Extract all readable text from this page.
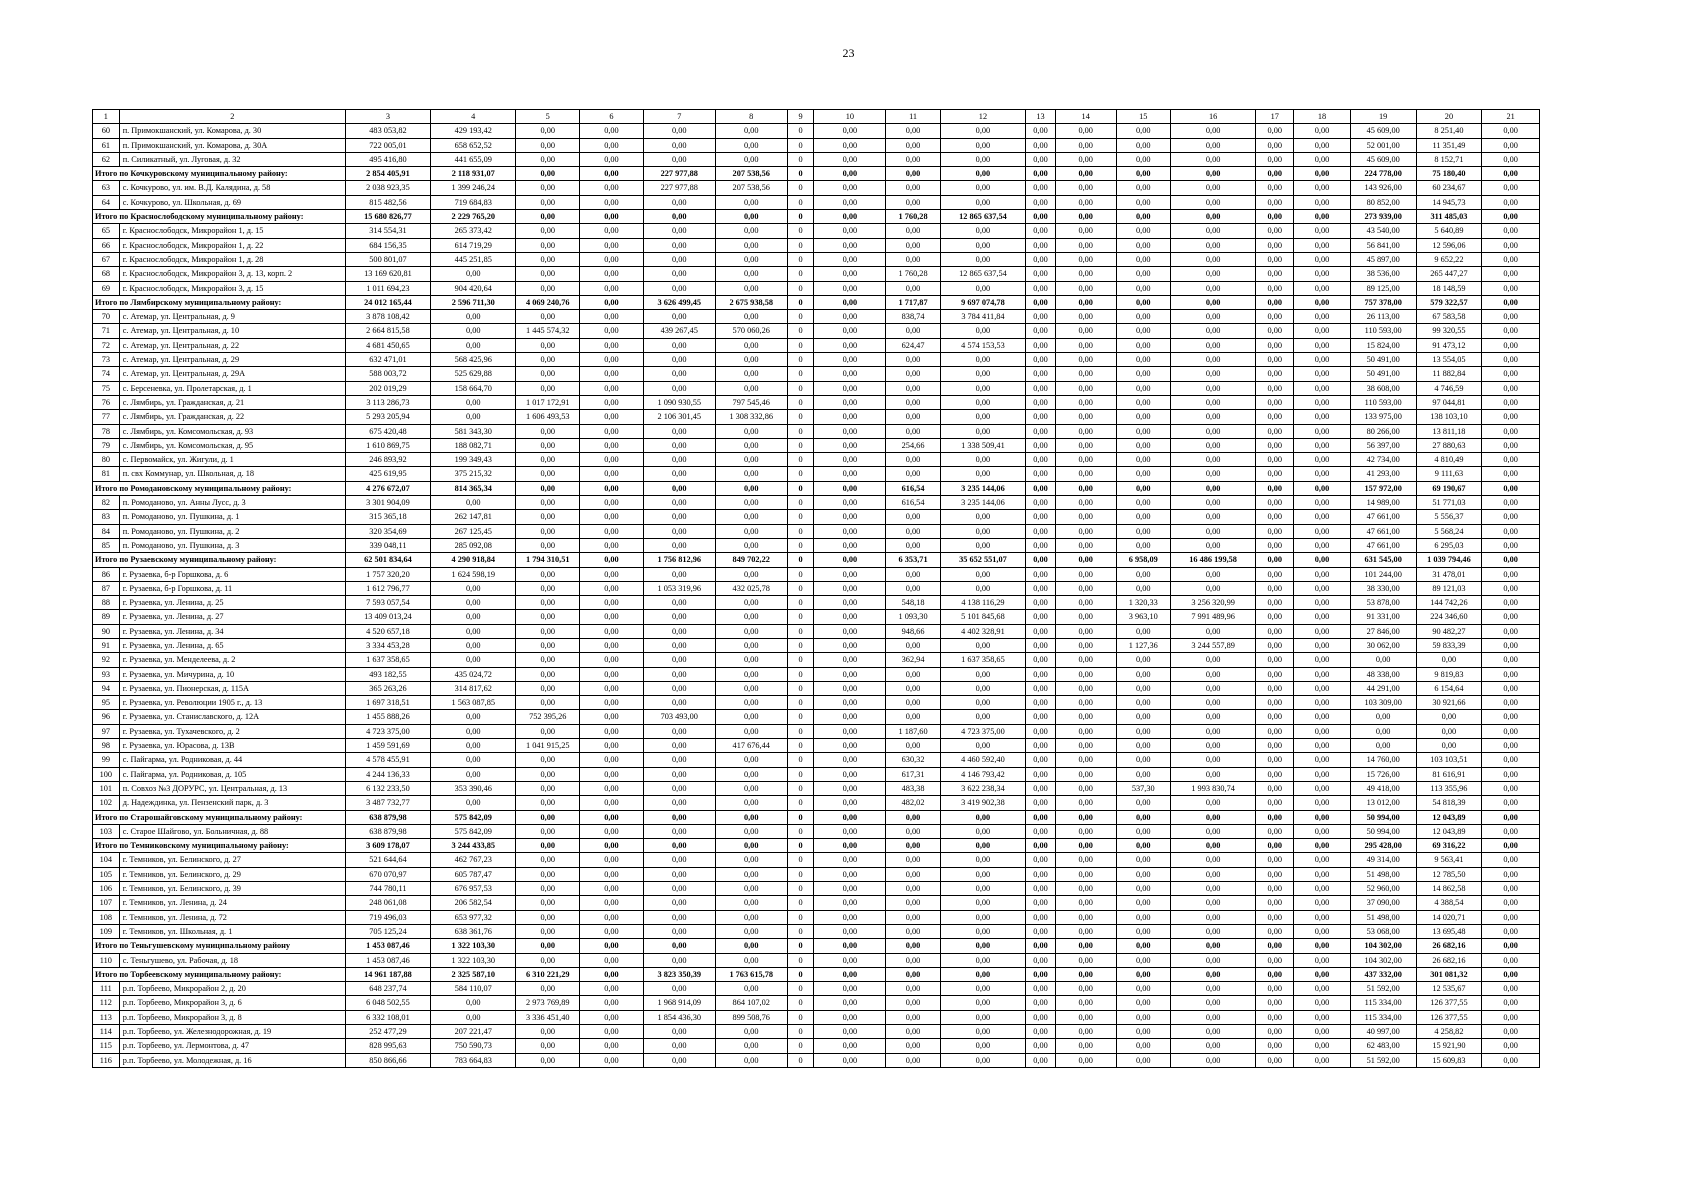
23
1	2	3	4	5	6	7	8	9	10	11	12	13	14	15	16	17	18	19	20	21
60	п. Примокшанский, ул. Комарова, д. 30	483 053,82	429 193,42	0,00	0,00	0,00	0,00	0	0,00	0,00	0,00	0,00	0,00	0,00	0,00	0,00	0,00	45 609,00	8 251,40	0,00
61	п. Примокшанский, ул. Комарова, д. 30А	722 005,01	658 652,52	0,00	0,00	0,00	0,00	0	0,00	0,00	0,00	0,00	0,00	0,00	0,00	0,00	0,00	52 001,00	11 351,49	0,00
62	п. Силикатный, ул. Луговая, д. 32	495 416,80	441 655,09	0,00	0,00	0,00	0,00	0	0,00	0,00	0,00	0,00	0,00	0,00	0,00	0,00	0,00	45 609,00	8 152,71	0,00
Итого по Кочкуровскому муниципальному району:		2 854 405,91	2 118 931,07	0,00	0,00	227 977,88	207 538,56	0	0,00	0,00	0,00	0,00	0,00	0,00	0,00	0,00	0,00	224 778,00	75 180,40	0,00
63	с. Кочкурово, ул. им. В.Д. Калядина, д. 58	2 038 923,35	1 399 246,24	0,00	0,00	227 977,88	207 538,56	0	0,00	0,00	0,00	0,00	0,00	0,00	0,00	0,00	0,00	143 926,00	60 234,67	0,00
64	с. Кочкурово, ул. Школьная, д. 69	815 482,56	719 684,83	0,00	0,00	0,00	0,00	0	0,00	0,00	0,00	0,00	0,00	0,00	0,00	0,00	0,00	80 852,00	14 945,73	0,00
Итого по Краснослободскому муниципальному району:		15 680 826,77	2 229 765,20	0,00	0,00	0,00	0,00	0	0,00	1 760,28	12 865 637,54	0,00	0,00	0,00	0,00	0,00	0,00	273 939,00	311 485,03	0,00
65	г. Краснослободск, Микрорайон 1, д. 15	314 554,31	265 373,42	0,00	0,00	0,00	0,00	0	0,00	0,00	0,00	0,00	0,00	0,00	0,00	0,00	0,00	43 540,00	5 640,89	0,00
66	г. Краснослободск, Микрорайон 1, д. 22	684 156,35	614 719,29	0,00	0,00	0,00	0,00	0	0,00	0,00	0,00	0,00	0,00	0,00	0,00	0,00	0,00	56 841,00	12 596,06	0,00
67	г. Краснослободск, Микрорайон 1, д. 28	500 801,07	445 251,85	0,00	0,00	0,00	0,00	0	0,00	0,00	0,00	0,00	0,00	0,00	0,00	0,00	0,00	45 897,00	9 652,22	0,00
68	г. Краснослободск, Микрорайон 3, д. 13, корп. 2	13 169 620,81	0,00	0,00	0,00	0,00	0,00	0	0,00	1 760,28	12 865 637,54	0,00	0,00	0,00	0,00	0,00	0,00	38 536,00	265 447,27	0,00
69	г. Краснослободск, Микрорайон 3, д. 15	1 011 694,23	904 420,64	0,00	0,00	0,00	0,00	0	0,00	0,00	0,00	0,00	0,00	0,00	0,00	0,00	0,00	89 125,00	18 148,59	0,00
Итого по Лямбирскому муниципальному району:		24 012 165,44	2 596 711,30	4 069 240,76	0,00	3 626 499,45	2 675 938,58	0	0,00	1 717,87	9 697 074,78	0,00	0,00	0,00	0,00	0,00	0,00	757 378,00	579 322,57	0,00
70	с. Атемар, ул. Центральная, д. 9	3 878 108,42	0,00	0,00	0,00	0,00	0,00	0	0,00	838,74	3 784 411,84	0,00	0,00	0,00	0,00	0,00	0,00	26 113,00	67 583,58	0,00
71	с. Атемар, ул. Центральная, д. 10	2 664 815,58	0,00	1 445 574,32	0,00	439 267,45	570 060,26	0	0,00	0,00	0,00	0,00	0,00	0,00	0,00	0,00	0,00	110 593,00	99 320,55	0,00
72	с. Атемар, ул. Центральная, д. 22	4 681 450,65	0,00	0,00	0,00	0,00	0,00	0	0,00	624,47	4 574 153,53	0,00	0,00	0,00	0,00	0,00	0,00	15 824,00	91 473,12	0,00
73	с. Атемар, ул. Центральная, д. 29	632 471,01	568 425,96	0,00	0,00	0,00	0,00	0	0,00	0,00	0,00	0,00	0,00	0,00	0,00	0,00	0,00	50 491,00	13 554,05	0,00
74	с. Атемар, ул. Центральная, д. 29А	588 003,72	525 629,88	0,00	0,00	0,00	0,00	0	0,00	0,00	0,00	0,00	0,00	0,00	0,00	0,00	0,00	50 491,00	11 882,84	0,00
75	с. Берсеневка, ул. Пролетарская, д. 1	202 019,29	158 664,70	0,00	0,00	0,00	0,00	0	0,00	0,00	0,00	0,00	0,00	0,00	0,00	0,00	0,00	38 608,00	4 746,59	0,00
76	с. Лямбирь, ул. Гражданская, д. 21	3 113 286,73	0,00	1 017 172,91	0,00	1 090 930,55	797 545,46	0	0,00	0,00	0,00	0,00	0,00	0,00	0,00	0,00	0,00	110 593,00	97 044,81	0,00
77	с. Лямбирь, ул. Гражданская, д. 22	5 293 205,94	0,00	1 606 493,53	0,00	2 106 301,45	1 308 332,86	0	0,00	0,00	0,00	0,00	0,00	0,00	0,00	0,00	0,00	133 975,00	138 103,10	0,00
78	с. Лямбирь, ул. Комсомольская, д. 93	675 420,48	581 343,30	0,00	0,00	0,00	0,00	0	0,00	0,00	0,00	0,00	0,00	0,00	0,00	0,00	0,00	80 266,00	13 811,18	0,00
79	с. Лямбирь, ул. Комсомольская, д. 95	1 610 869,75	188 082,71	0,00	0,00	0,00	0,00	0	0,00	254,66	1 338 509,41	0,00	0,00	0,00	0,00	0,00	0,00	56 397,00	27 880,63	0,00
80	с. Первомайск, ул. Жигули, д. 1	246 893,92	199 349,43	0,00	0,00	0,00	0,00	0	0,00	0,00	0,00	0,00	0,00	0,00	0,00	0,00	0,00	42 734,00	4 810,49	0,00
81	п. свх Коммунар, ул. Школьная, д. 18	425 619,95	375 215,32	0,00	0,00	0,00	0,00	0	0,00	0,00	0,00	0,00	0,00	0,00	0,00	0,00	0,00	41 293,00	9 111,63	0,00
Итого по Ромодановскому муниципальному району:		4 276 672,07	814 365,34	0,00	0,00	0,00	0,00	0	0,00	616,54	3 235 144,06	0,00	0,00	0,00	0,00	0,00	0,00	157 972,00	69 190,67	0,00
82	п. Ромоданово, ул. Анны Лусс, д. 3	3 301 904,09	0,00	0,00	0,00	0,00	0,00	0	0,00	616,54	3 235 144,06	0,00	0,00	0,00	0,00	0,00	0,00	14 989,00	51 771,03	0,00
83	п. Ромоданово, ул. Пушкина, д. 1	315 365,18	262 147,81	0,00	0,00	0,00	0,00	0	0,00	0,00	0,00	0,00	0,00	0,00	0,00	0,00	0,00	47 661,00	5 556,37	0,00
84	п. Ромоданово, ул. Пушкина, д. 2	320 354,69	267 125,45	0,00	0,00	0,00	0,00	0	0,00	0,00	0,00	0,00	0,00	0,00	0,00	0,00	0,00	47 661,00	5 568,24	0,00
85	п. Ромоданово, ул. Пушкина, д. 3	339 048,11	285 092,08	0,00	0,00	0,00	0,00	0	0,00	0,00	0,00	0,00	0,00	0,00	0,00	0,00	0,00	47 661,00	6 295,03	0,00
Итого по Рузаевскому муниципальному району:		62 501 834,64	4 290 918,84	1 794 310,51	0,00	1 756 812,96	849 702,22	0	0,00	6 353,71	35 652 551,07	0,00	0,00	6 958,09	16 486 199,58	0,00	0,00	631 545,00	1 039 794,46	0,00
86	г. Рузаевка, б-р Горшкова, д. 6	1 757 320,20	1 624 598,19	0,00	0,00	0,00	0,00	0	0,00	0,00	0,00	0,00	0,00	0,00	0,00	0,00	0,00	101 244,00	31 478,01	0,00
87	г. Рузаевка, б-р Горшкова, д. 11	1 612 796,77	0,00	0,00	0,00	1 053 319,96	432 025,78	0	0,00	0,00	0,00	0,00	0,00	0,00	0,00	0,00	0,00	38 330,00	89 121,03	0,00
88	г. Рузаевка, ул. Ленина, д. 25	7 593 057,54	0,00	0,00	0,00	0,00	0,00	0	0,00	548,18	4 138 116,29	0,00	0,00	1 320,33	3 256 320,99	0,00	0,00	53 878,00	144 742,26	0,00
89	г. Рузаевка, ул. Ленина, д. 27	13 409 013,24	0,00	0,00	0,00	0,00	0,00	0	0,00	1 093,30	5 101 845,68	0,00	0,00	3 963,10	7 991 489,96	0,00	0,00	91 331,00	224 346,60	0,00
90	г. Рузаевка, ул. Ленина, д. 34	4 520 657,18	0,00	0,00	0,00	0,00	0,00	0	0,00	948,66	4 402 328,91	0,00	0,00	0,00	0,00	0,00	0,00	27 846,00	90 482,27	0,00
91	г. Рузаевка, ул. Ленина, д. 65	3 334 453,28	0,00	0,00	0,00	0,00	0,00	0	0,00	0,00	0,00	0,00	0,00	1 127,36	3 244 557,89	0,00	0,00	30 062,00	59 833,39	0,00
92	г. Рузаевка, ул. Менделеева, д. 2	1 637 358,65	0,00	0,00	0,00	0,00	0,00	0	0,00	362,94	1 637 358,65	0,00	0,00	0,00	0,00	0,00	0,00	0,00	0,00	0,00
93	г. Рузаевка, ул. Мичурина, д. 10	493 182,55	435 024,72	0,00	0,00	0,00	0,00	0	0,00	0,00	0,00	0,00	0,00	0,00	0,00	0,00	0,00	48 338,00	9 819,83	0,00
94	г. Рузаевка, ул. Пионерская, д. 115А	365 263,26	314 817,62	0,00	0,00	0,00	0,00	0	0,00	0,00	0,00	0,00	0,00	0,00	0,00	0,00	0,00	44 291,00	6 154,64	0,00
95	г. Рузаевка, ул. Революции 1905 г., д. 13	1 697 318,51	1 563 087,85	0,00	0,00	0,00	0,00	0	0,00	0,00	0,00	0,00	0,00	0,00	0,00	0,00	0,00	103 309,00	30 921,66	0,00
96	г. Рузаевка, ул. Станиславского, д. 12А	1 455 888,26	0,00	752 395,26	0,00	703 493,00	0,00	0	0,00	0,00	0,00	0,00	0,00	0,00	0,00	0,00	0,00	0,00	0,00	0,00
97	г. Рузаевка, ул. Тухачевского, д. 2	4 723 375,00	0,00	0,00	0,00	0,00	0,00	0	0,00	1 187,60	4 723 375,00	0,00	0,00	0,00	0,00	0,00	0,00	0,00	0,00	0,00
98	г. Рузаевка, ул. Юрасова, д. 13В	1 459 591,69	0,00	1 041 915,25	0,00	0,00	417 676,44	0	0,00	0,00	0,00	0,00	0,00	0,00	0,00	0,00	0,00	0,00	0,00	0,00
99	с. Пайгарма, ул. Родниковая, д. 44	4 578 455,91	0,00	0,00	0,00	0,00	0,00	0	0,00	630,32	4 460 592,40	0,00	0,00	0,00	0,00	0,00	0,00	14 760,00	103 103,51	0,00
100	с. Пайгарма, ул. Родниковая, д. 105	4 244 136,33	0,00	0,00	0,00	0,00	0,00	0	0,00	617,31	4 146 793,42	0,00	0,00	0,00	0,00	0,00	0,00	15 726,00	81 616,91	0,00
101	п. Совхоз №3 ДОРУРС, ул. Центральная, д. 13	6 132 233,50	353 390,46	0,00	0,00	0,00	0,00	0	0,00	483,38	3 622 238,34	0,00	0,00	537,30	1 993 830,74	0,00	0,00	49 418,00	113 355,96	0,00
102	д. Надеждинка, ул. Пензенский парк, д. 3	3 487 732,77	0,00	0,00	0,00	0,00	0,00	0	0,00	482,02	3 419 902,38	0,00	0,00	0,00	0,00	0,00	0,00	13 012,00	54 818,39	0,00
Итого по Старошайговскому муниципальному району:		638 879,98	575 842,09	0,00	0,00	0,00	0,00	0	0,00	0,00	0,00	0,00	0,00	0,00	0,00	0,00	0,00	50 994,00	12 043,89	0,00
103	с. Старое Шайгово, ул. Больничная, д. 88	638 879,98	575 842,09	0,00	0,00	0,00	0,00	0	0,00	0,00	0,00	0,00	0,00	0,00	0,00	0,00	0,00	50 994,00	12 043,89	0,00
Итого по Темниковскому муниципальному району:		3 609 178,07	3 244 433,85	0,00	0,00	0,00	0,00	0	0,00	0,00	0,00	0,00	0,00	0,00	0,00	0,00	0,00	295 428,00	69 316,22	0,00
104	г. Темников, ул. Белинского, д. 27	521 644,64	462 767,23	0,00	0,00	0,00	0,00	0	0,00	0,00	0,00	0,00	0,00	0,00	0,00	0,00	0,00	49 314,00	9 563,41	0,00
105	г. Темников, ул. Белинского, д. 29	670 070,97	605 787,47	0,00	0,00	0,00	0,00	0	0,00	0,00	0,00	0,00	0,00	0,00	0,00	0,00	0,00	51 498,00	12 785,50	0,00
106	г. Темников, ул. Белинского, д. 39	744 780,11	676 957,53	0,00	0,00	0,00	0,00	0	0,00	0,00	0,00	0,00	0,00	0,00	0,00	0,00	0,00	52 960,00	14 862,58	0,00
107	г. Темников, ул. Ленина, д. 24	248 061,08	206 582,54	0,00	0,00	0,00	0,00	0	0,00	0,00	0,00	0,00	0,00	0,00	0,00	0,00	0,00	37 090,00	4 388,54	0,00
108	г. Темников, ул. Ленина, д. 72	719 496,03	653 977,32	0,00	0,00	0,00	0,00	0	0,00	0,00	0,00	0,00	0,00	0,00	0,00	0,00	0,00	51 498,00	14 020,71	0,00
109	г. Темников, ул. Школьная, д. 1	705 125,24	638 361,76	0,00	0,00	0,00	0,00	0	0,00	0,00	0,00	0,00	0,00	0,00	0,00	0,00	0,00	53 068,00	13 695,48	0,00
Итого по Теньгушевскому муниципальному району		1 453 087,46	1 322 103,30	0,00	0,00	0,00	0,00	0	0,00	0,00	0,00	0,00	0,00	0,00	0,00	0,00	0,00	104 302,00	26 682,16	0,00
110	с. Теньгушево, ул. Рабочая, д. 18	1 453 087,46	1 322 103,30	0,00	0,00	0,00	0,00	0	0,00	0,00	0,00	0,00	0,00	0,00	0,00	0,00	0,00	104 302,00	26 682,16	0,00
Итого по Торбеевскому муниципальному району:		14 961 187,88	2 325 587,10	6 310 221,29	0,00	3 823 350,39	1 763 615,78	0	0,00	0,00	0,00	0,00	0,00	0,00	0,00	0,00	0,00	437 332,00	301 081,32	0,00
111	р.п. Торбеево, Микрорайон 2, д. 20	648 237,74	584 110,07	0,00	0,00	0,00	0,00	0	0,00	0,00	0,00	0,00	0,00	0,00	0,00	0,00	0,00	51 592,00	12 535,67	0,00
112	р.п. Торбеево, Микрорайон 3, д. 6	6 048 502,55	0,00	2 973 769,89	0,00	1 968 914,09	864 107,02	0	0,00	0,00	0,00	0,00	0,00	0,00	0,00	0,00	0,00	115 334,00	126 377,55	0,00
113	р.п. Торбеево, Микрорайон 3, д. 8	6 332 108,01	0,00	3 336 451,40	0,00	1 854 436,30	899 508,76	0	0,00	0,00	0,00	0,00	0,00	0,00	0,00	0,00	0,00	115 334,00	126 377,55	0,00
114	р.п. Торбеево, ул. Железнодорожная, д. 19	252 477,29	207 221,47	0,00	0,00	0,00	0,00	0	0,00	0,00	0,00	0,00	0,00	0,00	0,00	0,00	0,00	40 997,00	4 258,82	0,00
115	р.п. Торбеево, ул. Лермонтова, д. 47	828 995,63	750 590,73	0,00	0,00	0,00	0,00	0	0,00	0,00	0,00	0,00	0,00	0,00	0,00	0,00	0,00	62 483,00	15 921,90	0,00
116	р.п. Торбеево, ул. Молодежная, д. 16	850 866,66	783 664,83	0,00	0,00	0,00	0,00	0	0,00	0,00	0,00	0,00	0,00	0,00	0,00	0,00	0,00	51 592,00	15 609,83	0,00
